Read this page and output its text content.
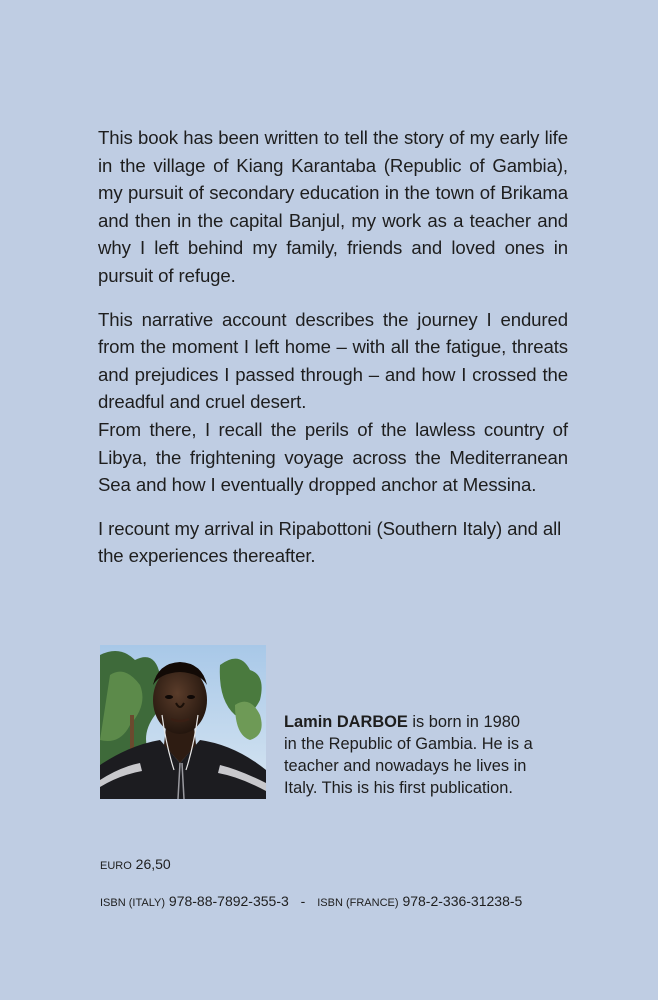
This book has been written to tell the story of my early life in the village of Kiang Karantaba (Republic of Gambia), my pursuit of secondary education in the town of Brikama and then in the capital Banjul, my work as a teacher and why I left behind my family, friends and loved ones in pursuit of refuge.

This narrative account describes the journey I endured from the moment I left home – with all the fatigue, threats and prejudices I passed through – and how I crossed the dreadful and cruel desert.

From there, I recall the perils of the lawless country of Libya, the frightening voyage across the Mediterranean Sea and how I eventually dropped anchor at Messina.

I recount my arrival in Ripabottoni (Southern Italy) and all the experiences thereafter.

Lamin DARBOE is born in 1980 in the Republic of Gambia. He is a teacher and nowadays he lives in Italy. This is his first publication.
EURO 26,50
ISBN (ITALY) 978-88-7892-355-3 - ISBN (FRANCE) 978-2-336-31238-5
